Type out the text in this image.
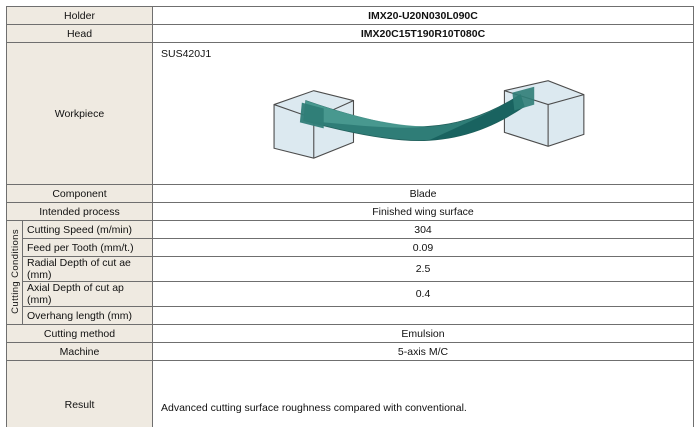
Holder		IMX20-U20N030L090C
Head		IMX20C15T190R10T080C
Workpiece		SUS420J1

Component		Blade
Intended process		Finished wing surface
Cutting Conditions	Cutting Speed (m/min)	304
	Feed per Tooth (mm/t.)	0.09
	Radial Depth of cut ae (mm)	2.5
	Axial Depth of cut ap (mm)	0.4
	Overhang length (mm)	
Cutting method		Emulsion
Machine		5-axis M/C
Result		Advanced cutting surface roughness compared with conventional.
